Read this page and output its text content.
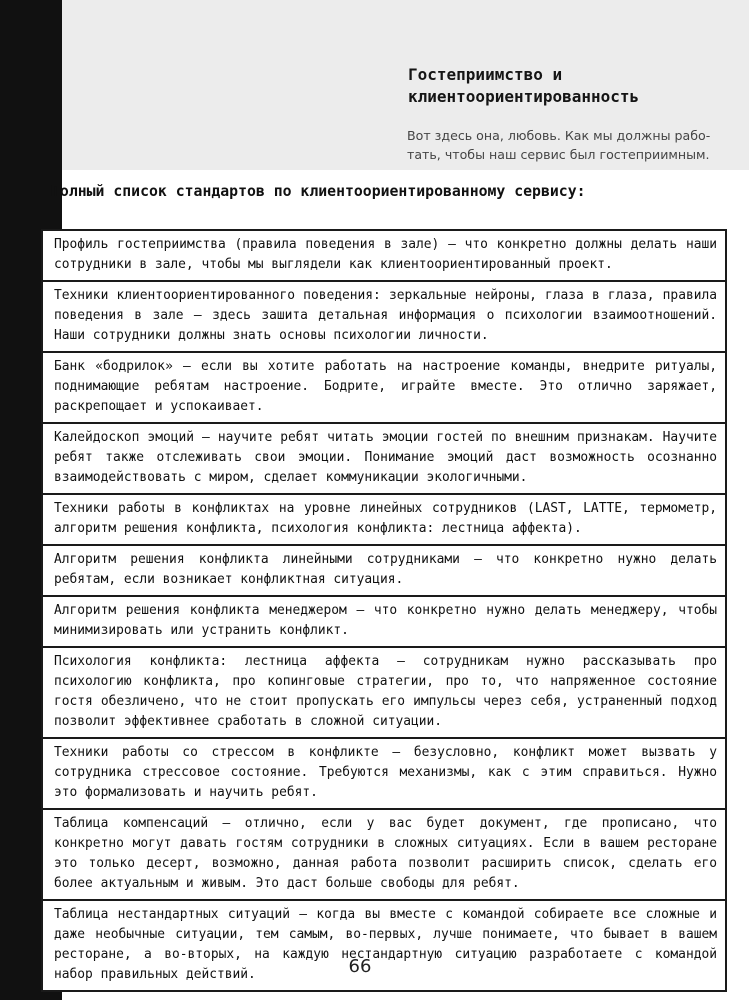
Гостеприимство и
клиентоориентированность
Вот здесь она, любовь. Как мы должны рабо-
тать, чтобы наш сервис был гостеприимным.
Полный список стандартов по клиентоориентированному сервису:
Профиль гостеприимства (правила поведения в зале) — что конкретно должны делать наши сотрудники в зале, чтобы мы выглядели как клиентоориентированный проект.
Техники клиентоориентированного поведения: зеркальные нейроны, глаза в глаза, правила поведения в зале — здесь зашита детальная информация о психологии взаимоотношений. Наши сотрудники должны знать основы психологии личности.
Банк «бодрилок» — если вы хотите работать на настроение команды, внедрите ритуалы, поднимающие ребятам настроение. Бодрите, играйте вместе. Это отлично заряжает, раскрепощает и успокаивает.
Калейдоскоп эмоций — научите ребят читать эмоции гостей по внешним признакам. Научите ребят также отслеживать свои эмоции. Понимание эмоций даст возможность осознанно взаимодействовать с миром, сделает коммуникации экологичными.
Техники работы в конфликтах на уровне линейных сотрудников (LAST, LATTE, термометр, алгоритм решения конфликта, психология конфликта: лестница аффекта).
Алгоритм решения конфликта линейными сотрудниками — что конкретно нужно делать ребятам, если возникает конфликтная ситуация.
Алгоритм решения конфликта менеджером — что конкретно нужно делать менеджеру, чтобы минимизировать или устранить конфликт.
Психология конфликта: лестница аффекта — сотрудникам нужно рассказывать про психологию конфликта, про копинговые стратегии, про то, что напряженное состояние гостя обезличено, что не стоит пропускать его импульсы через себя, устраненный подход позволит эффективнее сработать в сложной ситуации.
Техники работы со стрессом в конфликте — безусловно, конфликт может вызвать у сотрудника стрессовое состояние. Требуются механизмы, как с этим справиться. Нужно это формализовать и научить ребят.
Таблица компенсаций — отлично, если у вас будет документ, где прописано, что конкретно могут давать гостям сотрудники в сложных ситуациях. Если в вашем ресторане это только десерт, возможно, данная работа позволит расширить список, сделать его более актуальным и живым. Это даст больше свободы для ребят.
Таблица нестандартных ситуаций — когда вы вместе с командой собираете все сложные и даже необычные ситуации, тем самым, во-первых, лучше понимаете, что бывает в вашем ресторане, а во-вторых, на каждую нестандартную ситуацию разработаете с командой набор правильных действий.	66
